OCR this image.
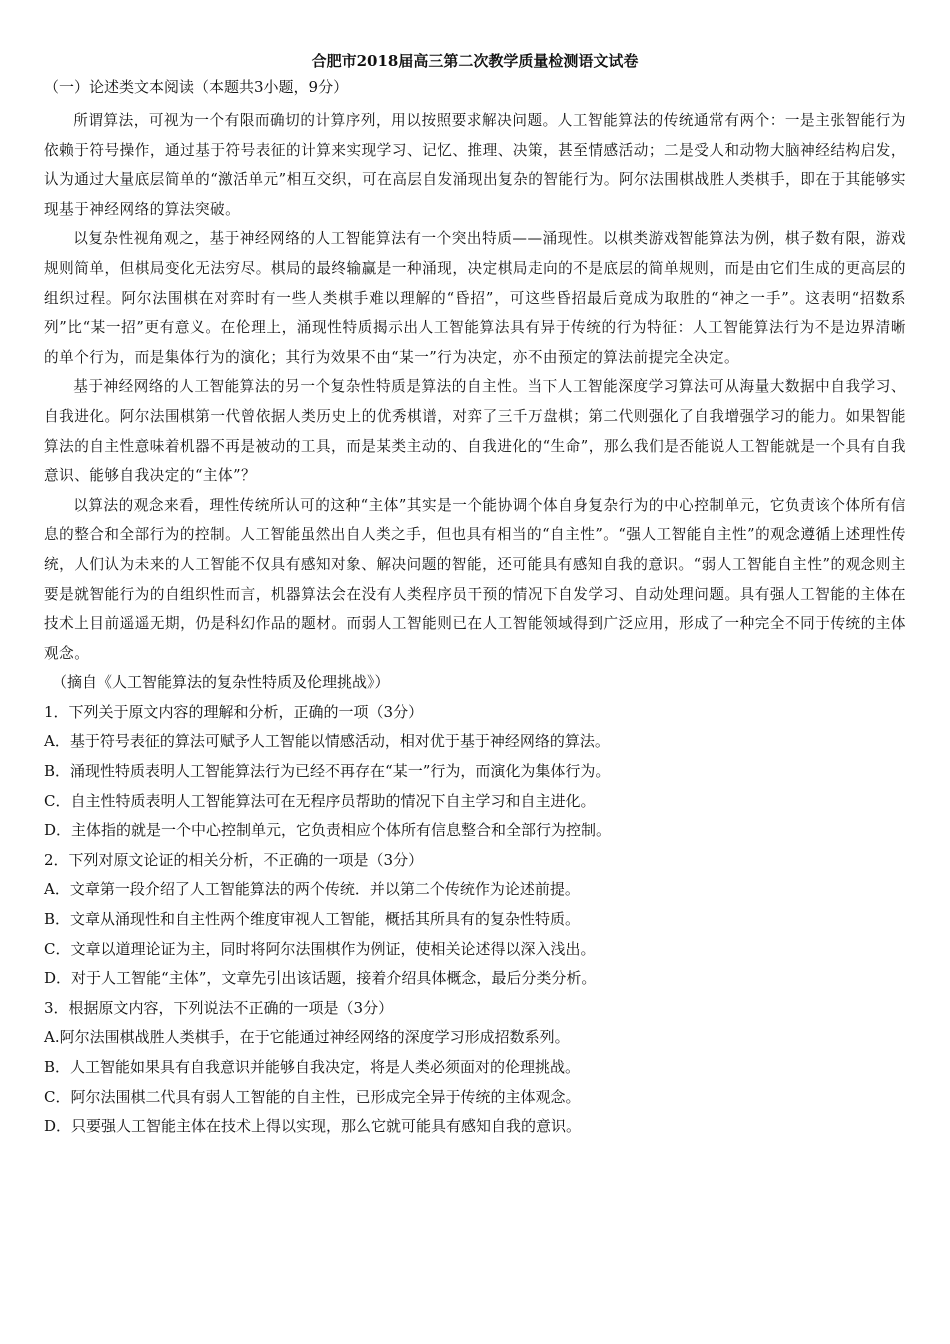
合肥市2018届高三第二次教学质量检测语文试卷
（一）论述类文本阅读（本题共3小题，9分）

所谓算法，可视为一个有限而确切的计算序列，用以按照要求解决问题。人工智能算法的传统通常有两个：一是主张智能行为依赖于符号操作，通过基于符号表征的计算来实现学习、记忆、推理、决策，甚至情感活动；二是受人和动物大脑神经结构启发，认为通过大量底层简单的“激活单元”相互交织，可在高层自发涌现出复杂的智能行为。阿尔法围棋战胜人类棋手，即在于其能够实现基于神经网络的算法突破。

以复杂性视角观之，基于神经网络的人工智能算法有一个突出特质——涌现性。以棋类游戏智能算法为例，棋子数有限，游戏规则简单，但棋局变化无法穷尽。棋局的最终输赢是一种涌现，决定棋局走向的不是底层的简单规则，而是由它们生成的更高层的组织过程。阿尔法围棋在对弈时有一些人类棋手难以理解的“昏招”，可这些昏招最后竟成为取胜的“神之一手”。这表明“招数系列”比“某一招”更有意义。在伦理上，涌现性特质揭示出人工智能算法具有异于传统的行为特征：人工智能算法行为不是边界清晰的单个行为，而是集体行为的演化；其行为效果不由“某一”行为决定，亦不由预定的算法前提完全决定。

基于神经网络的人工智能算法的另一个复杂性特质是算法的自主性。当下人工智能深度学习算法可从海量大数据中自我学习、自我进化。阿尔法围棋第一代曾依据人类历史上的优秀棋谱，对弈了三千万盘棋；第二代则强化了自我增强学习的能力。如果智能算法的自主性意味着机器不再是被动的工具，而是某类主动的、自我进化的“生命”，那么我们是否能说人工智能就是一个具有自我意识、能够自我决定的“主体”？

以算法的观念来看，理性传统所认可的这种“主体”其实是一个能协调个体自身复杂行为的中心控制单元，它负责该个体所有信息的整合和全部行为的控制。人工智能虽然出自人类之手，但也具有相当的“自主性”。“强人工智能自主性”的观念遵循上述理性传统，人们认为未来的人工智能不仅具有感知对象、解决问题的智能，还可能具有感知自我的意识。“弱人工智能自主性”的观念则主要是就智能行为的自组织性而言，机器算法会在没有人类程序员干预的情况下自发学习、自动处理问题。具有强人工智能的主体在技术上目前遥遥无期，仍是科幻作品的题材。而弱人工智能则已在人工智能领域得到广泛应用，形成了一种完全不同于传统的主体观念。

（摘自《人工智能算法的复杂性特质及伦理挑战》）
1．下列关于原文内容的理解和分析，正确的一项（3分）
A．基于符号表征的算法可赋予人工智能以情感活动，相对优于基于神经网络的算法。
B．涌现性特质表明人工智能算法行为已经不再存在“某一”行为，而演化为集体行为。
C．自主性特质表明人工智能算法可在无程序员帮助的情况下自主学习和自主进化。
D．主体指的就是一个中心控制单元，它负责相应个体所有信息整合和全部行为控制。
2．下列对原文论证的相关分析，不正确的一项是（3分）
A．文章第一段介绍了人工智能算法的两个传统．并以第二个传统作为论述前提。
B．文章从涌现性和自主性两个维度审视人工智能，概括其所具有的复杂性特质。
C．文章以道理论证为主，同时将阿尔法围棋作为例证，使相关论述得以深入浅出。
D．对于人工智能“主体”，文章先引出该话题，接着介绍具体概念，最后分类分析。
3．根据原文内容，下列说法不正确的一项是（3分）
A.阿尔法围棋战胜人类棋手，在于它能通过神经网络的深度学习形成招数系列。
B．人工智能如果具有自我意识并能够自我决定，将是人类必须面对的伦理挑战。
C．阿尔法围棋二代具有弱人工智能的自主性，已形成完全异于传统的主体观念。
D．只要强人工智能主体在技术上得以实现，那么它就可能具有感知自我的意识。
